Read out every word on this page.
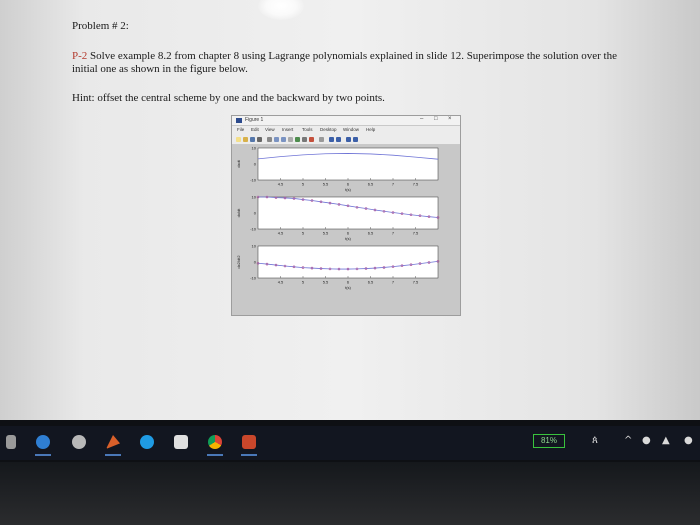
Problem # 2:
P-2 Solve example 8.2 from chapter 8 using Lagrange polynomials explained in slide 12. Superimpose the solution over the initial one as shown in the figure below.
Hint: offset the central scheme by one and the backward by two points.
Figure 1	– □ ×
File Edit View Insert Tools Desktop Window Help
4.5	5	5.5	6	6.5	7	7.5
10
0
-10
t(s)
dxdt
4.5	5	5.5	6	6.5	7	7.5
10
0
-10
t(s)
dx/dt
4.5	5	5.5	6	6.5	7	7.5
10
0
-10
t(s)
dx2/dt2
81%	ጰ	^ ● ▲ ●
